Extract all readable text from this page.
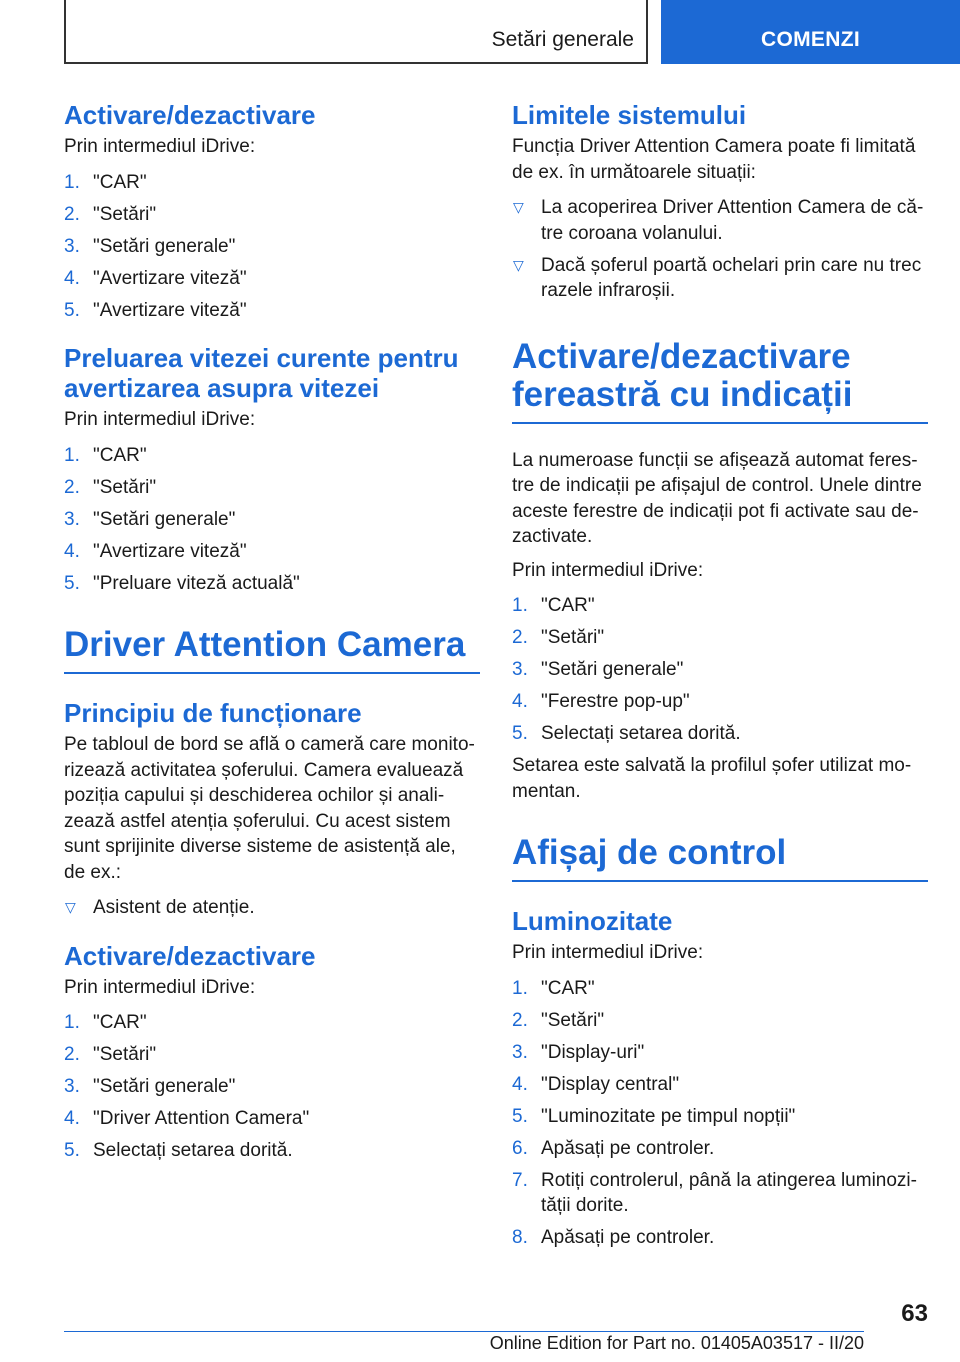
Setări generale	COMENZI
Activare/dezactivare

Prin intermediul iDrive:

1. "CAR"
2. "Setări"
3. "Setări generale"
4. "Avertizare viteză"
5. "Avertizare viteză"
Preluarea vitezei curente pentru avertizarea asupra vitezei

Prin intermediul iDrive:

1. "CAR"
2. "Setări"
3. "Setări generale"
4. "Avertizare viteză"
5. "Preluare viteză actuală"
Driver Attention Camera
Principiu de funcționare

Pe tabloul de bord se află o cameră care monitorizează activitatea șoferului. Camera evaluează poziția capului și deschiderea ochilor și analizează astfel atenția șoferului. Cu acest sistem sunt sprijinite diverse sisteme de asistență ale, de ex.:

▽ Asistent de atenție.
Activare/dezactivare

Prin intermediul iDrive:

1. "CAR"
2. "Setări"
3. "Setări generale"
4. "Driver Attention Camera"
5. Selectați setarea dorită.
Limitele sistemului

Funcția Driver Attention Camera poate fi limitată de ex. în următoarele situații:

▽ La acoperirea Driver Attention Camera de către coroana volanului.
▽ Dacă șoferul poartă ochelari prin care nu trec razele infraroșii.
Activare/dezactivare fereastră cu indicații

La numeroase funcții se afișează automat ferestre de indicații pe afișajul de control. Unele dintre aceste ferestre de indicații pot fi activate sau dezactivate.

Prin intermediul iDrive:

1. "CAR"
2. "Setări"
3. "Setări generale"
4. "Ferestre pop-up"
5. Selectați setarea dorită.

Setarea este salvată la profilul șofer utilizat momentan.

Afișaj de control
Luminozitate

Prin intermediul iDrive:

1. "CAR"
2. "Setări"
3. "Display-uri"
4. "Display central"
5. "Luminozitate pe timpul nopții"
6. Apăsați pe controler.
7. Rotiți controlerul, până la atingerea luminozității dorite.
8. Apăsați pe controler.
63
Online Edition for Part no. 01405A03517 - II/20
